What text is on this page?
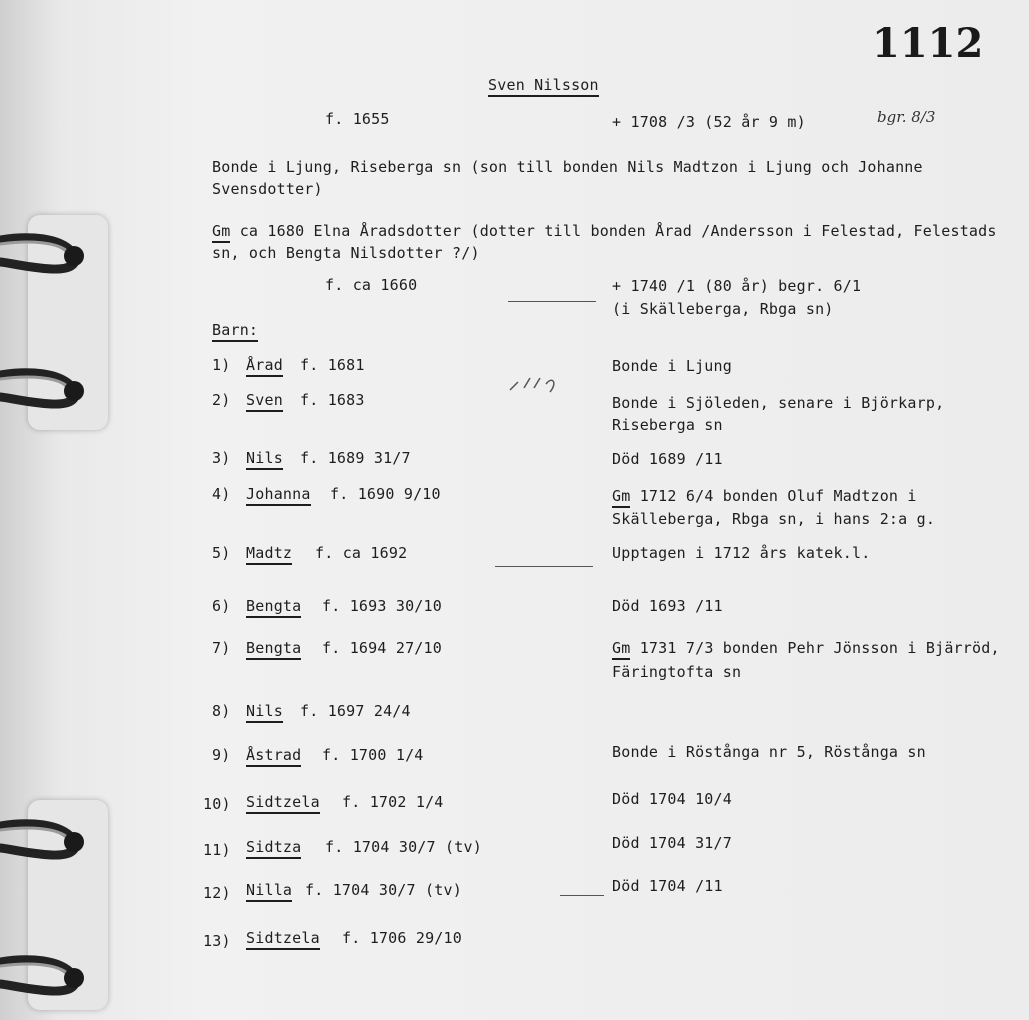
1112
Sven Nilsson
f. 1655	+ 1708 /3 (52 år 9 m)	bgr. 8/3
Bonde i Ljung, Riseberga sn (son till bonden Nils Madtzon i Ljung och Johanne Svensdotter)
Gm ca 1680 Elna Åradsdotter (dotter till bonden Årad /Andersson i Felestad, Felestads sn, och Bengta Nilsdotter ?/)
f. ca 1660	+ 1740 /1 (80 år) begr. 6/1
(i Skälleberga, Rbga sn)
Barn:
1) Årad f. 1681	Bonde i Ljung
2) Sven f. 1683	Bonde i Sjöleden, senare i Björkarp, Riseberga sn
3) Nils f. 1689 31/7	Död 1689 /11
4) Johanna f. 1690 9/10	Gm 1712 6/4 bonden Oluf Madtzon i Skälleberga, Rbga sn, i hans 2:a g.
5) Madtz f. ca 1692	Upptagen i 1712 års katek.l.
6) Bengta f. 1693 30/10	Död 1693 /11
7) Bengta f. 1694 27/10	Gm 1731 7/3 bonden Pehr Jönsson i Bjärröd, Färingtofta sn
8) Nils f. 1697 24/4
9) Åstrad f. 1700 1/4	Bonde i Röstånga nr 5, Röstånga sn
10) Sidtzela f. 1702 1/4	Död 1704 10/4
11) Sidtza f. 1704 30/7 (tv)	Död 1704 31/7
12) Nilla f. 1704 30/7 (tv)	Död 1704 /11
13) Sidtzela f. 1706 29/10
